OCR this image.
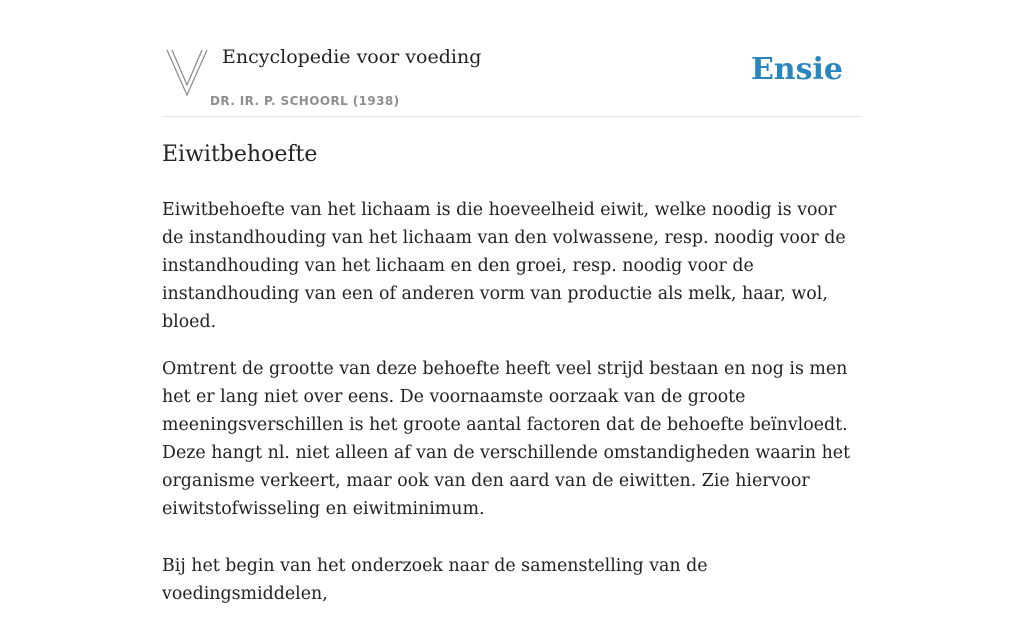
Encyclopedie voor voeding
DR. IR. P. SCHOORL (1938)
Ensie
Eiwitbehoefte

Eiwitbehoefte van het lichaam is die hoeveelheid eiwit, welke noodig is voor de instandhouding van het lichaam van den volwassene, resp. noodig voor de instandhouding van het lichaam en den groei, resp. noodig voor de instandhouding van een of anderen vorm van productie als melk, haar, wol, bloed.

Omtrent de grootte van deze behoefte heeft veel strijd bestaan en nog is men het er lang niet over eens. De voornaamste oorzaak van de groote meeningsverschillen is het groote aantal factoren dat de behoefte beïnvloedt. Deze hangt nl. niet alleen af van de verschillende omstandigheden waarin het organisme verkeert, maar ook van den aard van de eiwitten. Zie hiervoor eiwitstofwisseling en eiwitminimum.

Bij het begin van het onderzoek naar de samenstelling van de voedingsmiddelen,
